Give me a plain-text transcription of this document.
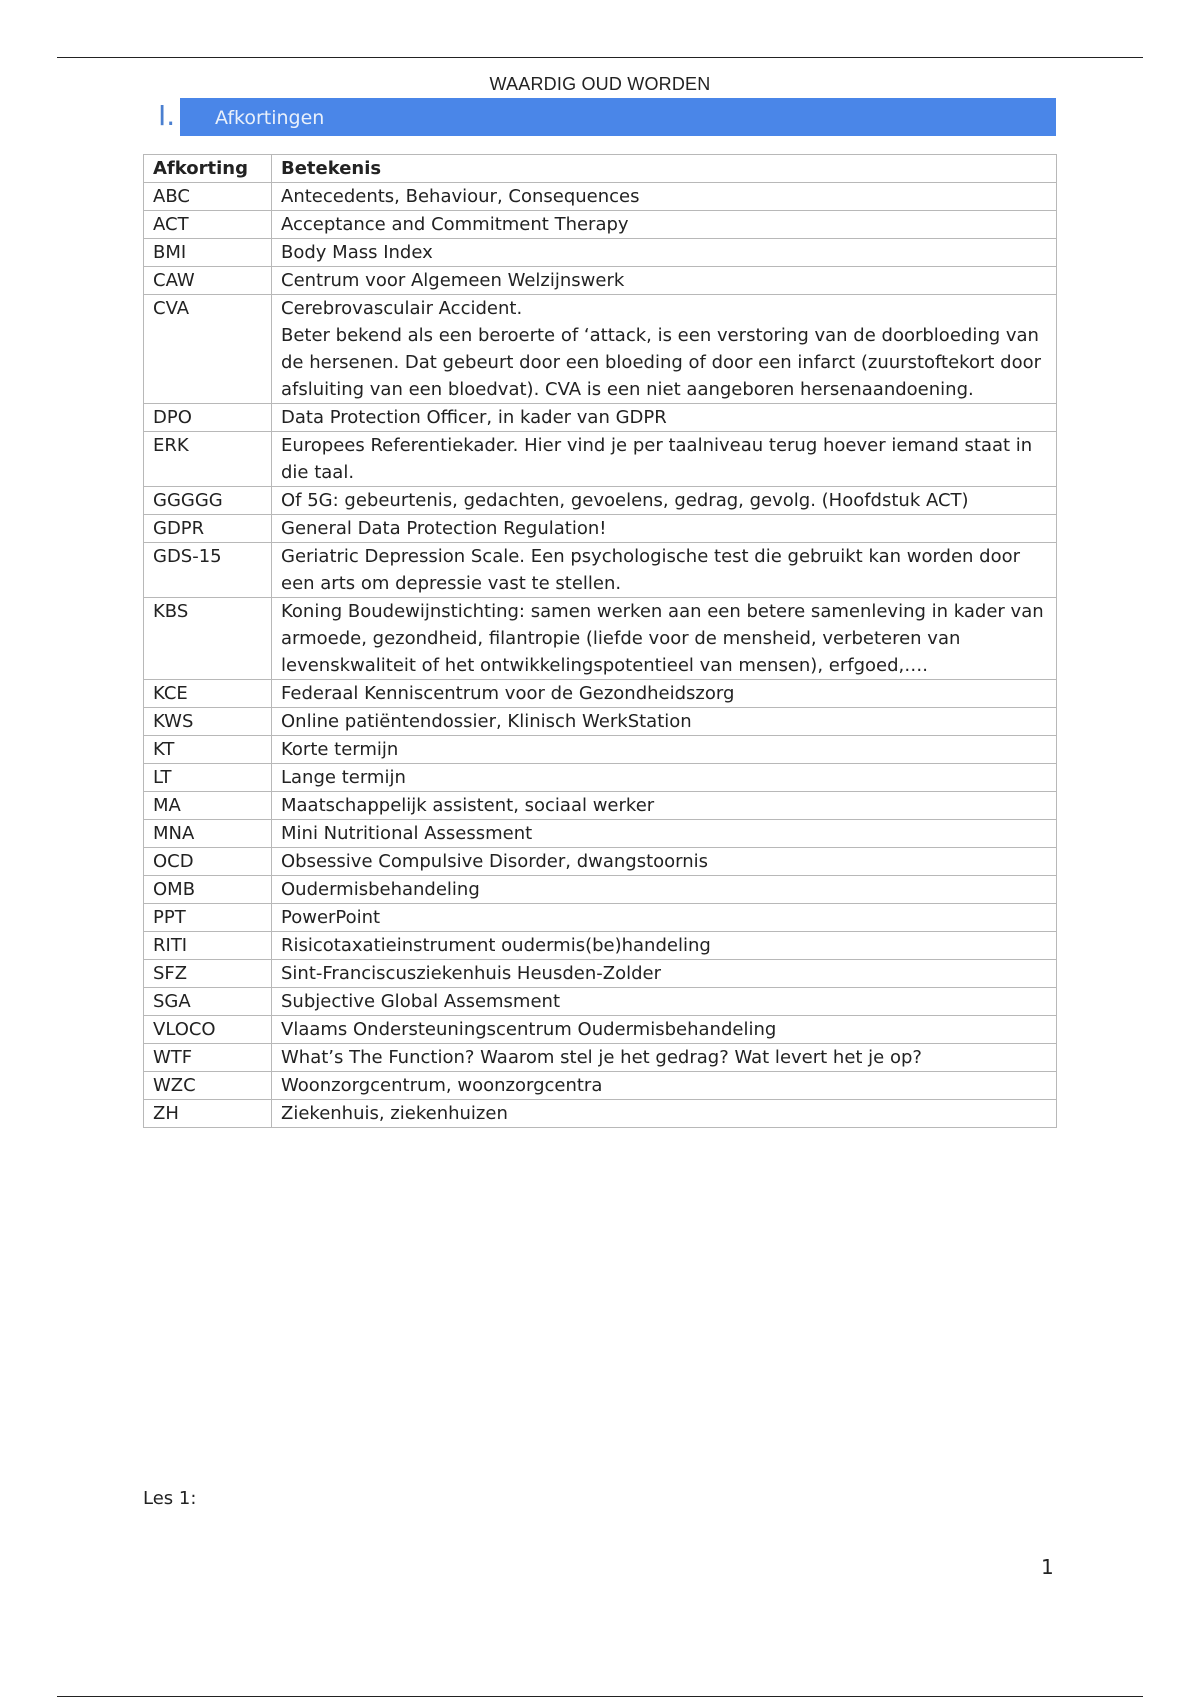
WAARDIG OUD WORDEN
I.	Afkortingen
Afkorting	Betekenis
ABC	Antecedents, Behaviour, Consequences
ACT	Acceptance and Commitment Therapy
BMI	Body Mass Index
CAW	Centrum voor Algemeen Welzijnswerk
CVA	Cerebrovasculair Accident.
Beter bekend als een beroerte of ‘attack, is een verstoring van de doorbloeding van de hersenen. Dat gebeurt door een bloeding of door een infarct (zuurstoftekort door afsluiting van een bloedvat). CVA is een niet aangeboren hersenaandoening.
DPO	Data Protection Officer, in kader van GDPR
ERK	Europees Referentiekader. Hier vind je per taalniveau terug hoever iemand staat in die taal.
GGGGG	Of 5G: gebeurtenis, gedachten, gevoelens, gedrag, gevolg. (Hoofdstuk ACT)
GDPR	General Data Protection Regulation!
GDS-15	Geriatric Depression Scale. Een psychologische test die gebruikt kan worden door een arts om depressie vast te stellen.
KBS	Koning Boudewijnstichting: samen werken aan een betere samenleving in kader van armoede, gezondheid, filantropie (liefde voor de mensheid, verbeteren van levenskwaliteit of het ontwikkelingspotentieel van mensen), erfgoed,….
KCE	Federaal Kenniscentrum voor de Gezondheidszorg
KWS	Online patiëntendossier, Klinisch WerkStation
KT	Korte termijn
LT	Lange termijn
MA	Maatschappelijk assistent, sociaal werker
MNA	Mini Nutritional Assessment
OCD	Obsessive Compulsive Disorder, dwangstoornis
OMB	Oudermisbehandeling
PPT	PowerPoint
RITI	Risicotaxatieinstrument oudermis(be)handeling
SFZ	Sint-Franciscusziekenhuis Heusden-Zolder
SGA	Subjective Global Assemsment
VLOCO	Vlaams Ondersteuningscentrum Oudermisbehandeling
WTF	What’s The Function? Waarom stel je het gedrag? Wat levert het je op?
WZC	Woonzorgcentrum, woonzorgcentra
ZH	Ziekenhuis, ziekenhuizen
Les 1:
1
